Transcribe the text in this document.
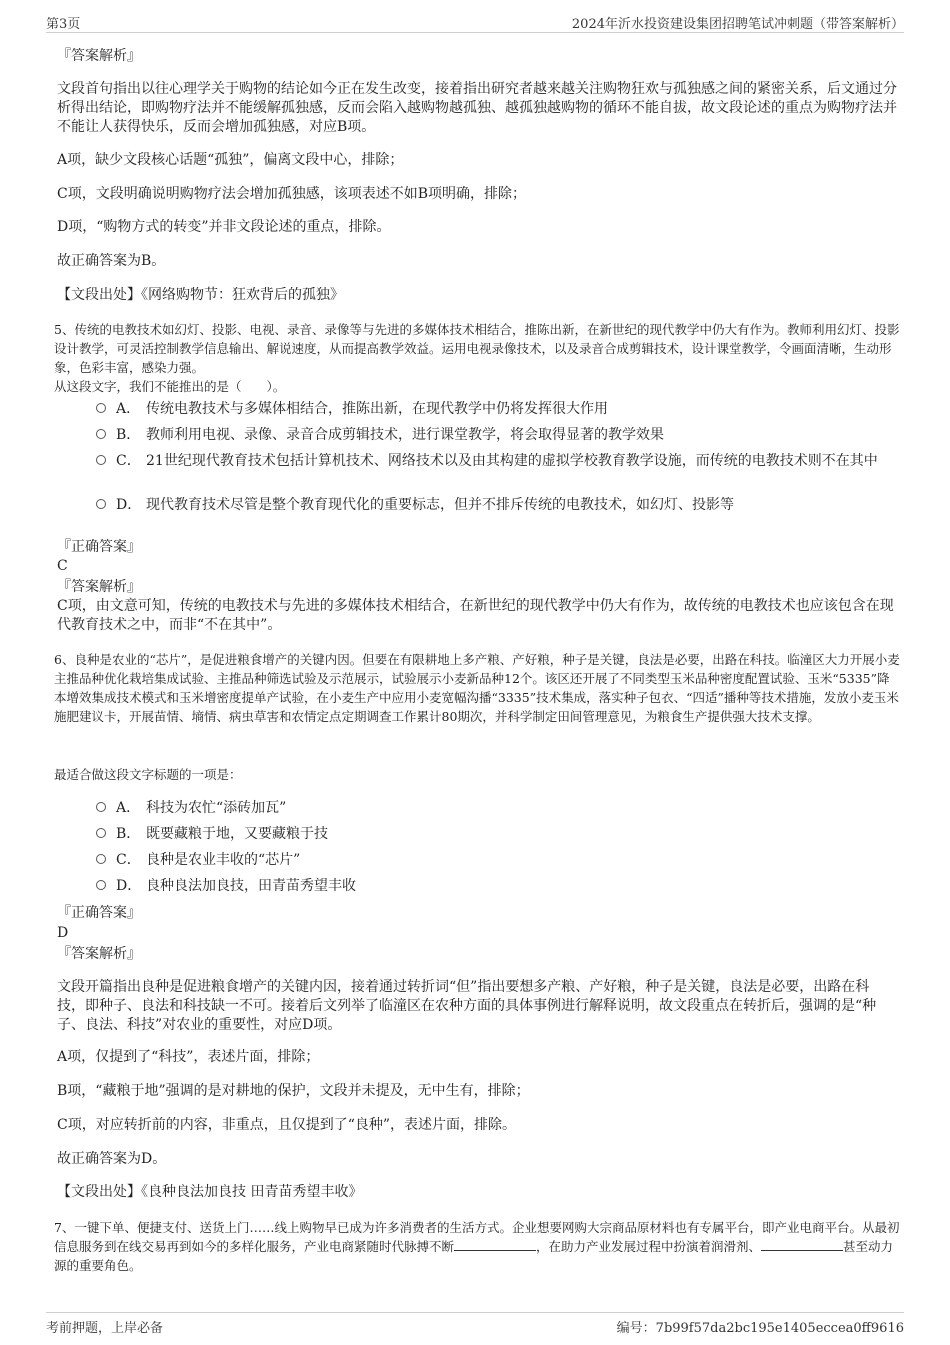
第3页	2024年沂水投资建设集团招聘笔试冲刺题（带答案解析）

『答案解析』

文段首句指出以往心理学关于购物的结论如今正在发生改变，接着指出研究者越来越关注购物狂欢与孤独感之间的紧密关系，后文通过分析得出结论，即购物疗法并不能缓解孤独感，反而会陷入越购物越孤独、越孤独越购物的循环不能自拔，故文段论述的重点为购物疗法并不能让人获得快乐，反而会增加孤独感，对应B项。

A项，缺少文段核心话题“孤独”，偏离文段中心，排除；

C项，文段明确说明购物疗法会增加孤独感，该项表述不如B项明确，排除；

D项，“购物方式的转变”并非文段论述的重点，排除。

故正确答案为B。

【文段出处】《网络购物节：狂欢背后的孤独》

5、传统的电教技术如幻灯、投影、电视、录音、录像等与先进的多媒体技术相结合，推陈出新，在新世纪的现代教学中仍大有作为。教师利用幻灯、投影设计教学，可灵活控制教学信息输出、解说速度，从而提高教学效益。运用电视录像技术，以及录音合成剪辑技术，设计课堂教学，令画面清晰，生动形象，色彩丰富，感染力强。

从这段文字，我们不能推出的是（　　）。

A． 传统电教技术与多媒体相结合，推陈出新，在现代教学中仍将发挥很大作用
B． 教师利用电视、录像、录音合成剪辑技术，进行课堂教学，将会取得显著的教学效果
C． 21世纪现代教育技术包括计算机技术、网络技术以及由其构建的虚拟学校教育教学设施，而传统的电教技术则不在其中
D． 现代教育技术尽管是整个教育现代化的重要标志，但并不排斥传统的电教技术，如幻灯、投影等

『正确答案』

C

『答案解析』

C项，由文意可知，传统的电教技术与先进的多媒体技术相结合，在新世纪的现代教学中仍大有作为，故传统的电教技术也应该包含在现代教育技术之中，而非“不在其中”。

6、良种是农业的“芯片”，是促进粮食增产的关键内因。但要在有限耕地上多产粮、产好粮，种子是关键，良法是必要，出路在科技。临潼区大力开展小麦主推品种优化栽培集成试验、主推品种筛选试验及示范展示，试验展示小麦新品种12个。该区还开展了不同类型玉米品种密度配置试验、玉米“5335”降本增效集成技术模式和玉米增密度提单产试验，在小麦生产中应用小麦宽幅沟播“3335”技术集成，落实种子包衣、“四适”播种等技术措施，发放小麦玉米施肥建议卡，开展苗情、墒情、病虫草害和农情定点定期调查工作累计80期次，并科学制定田间管理意见，为粮食生产提供强大技术支撑。

最适合做这段文字标题的一项是：

A． 科技为农忙“添砖加瓦”
B． 既要藏粮于地，又要藏粮于技
C． 良种是农业丰收的“芯片”
D． 良种良法加良技，田青苗秀望丰收

『正确答案』

D

『答案解析』

文段开篇指出良种是促进粮食增产的关键内因，接着通过转折词“但”指出要想多产粮、产好粮，种子是关键，良法是必要，出路在科技，即种子、良法和科技缺一不可。接着后文列举了临潼区在农种方面的具体事例进行解释说明，故文段重点在转折后，强调的是“种子、良法、科技”对农业的重要性，对应D项。

A项，仅提到了“科技”，表述片面，排除；

B项，“藏粮于地”强调的是对耕地的保护，文段并未提及，无中生有，排除；

C项，对应转折前的内容，非重点，且仅提到了“良种”，表述片面，排除。

故正确答案为D。

【文段出处】《良种良法加良技 田青苗秀望丰收》

7、一键下单、便捷支付、送货上门……线上购物早已成为许多消费者的生活方式。企业想要网购大宗商品原材料也有专属平台，即产业电商平台。从最初信息服务到在线交易再到如今的多样化服务，产业电商紧随时代脉搏不断	，在助力产业发展过程中扮演着润滑剂、	甚至动力源的重要角色。

考前押题，上岸必备	编号：7b99f57da2bc195e1405eccea0ff9616
